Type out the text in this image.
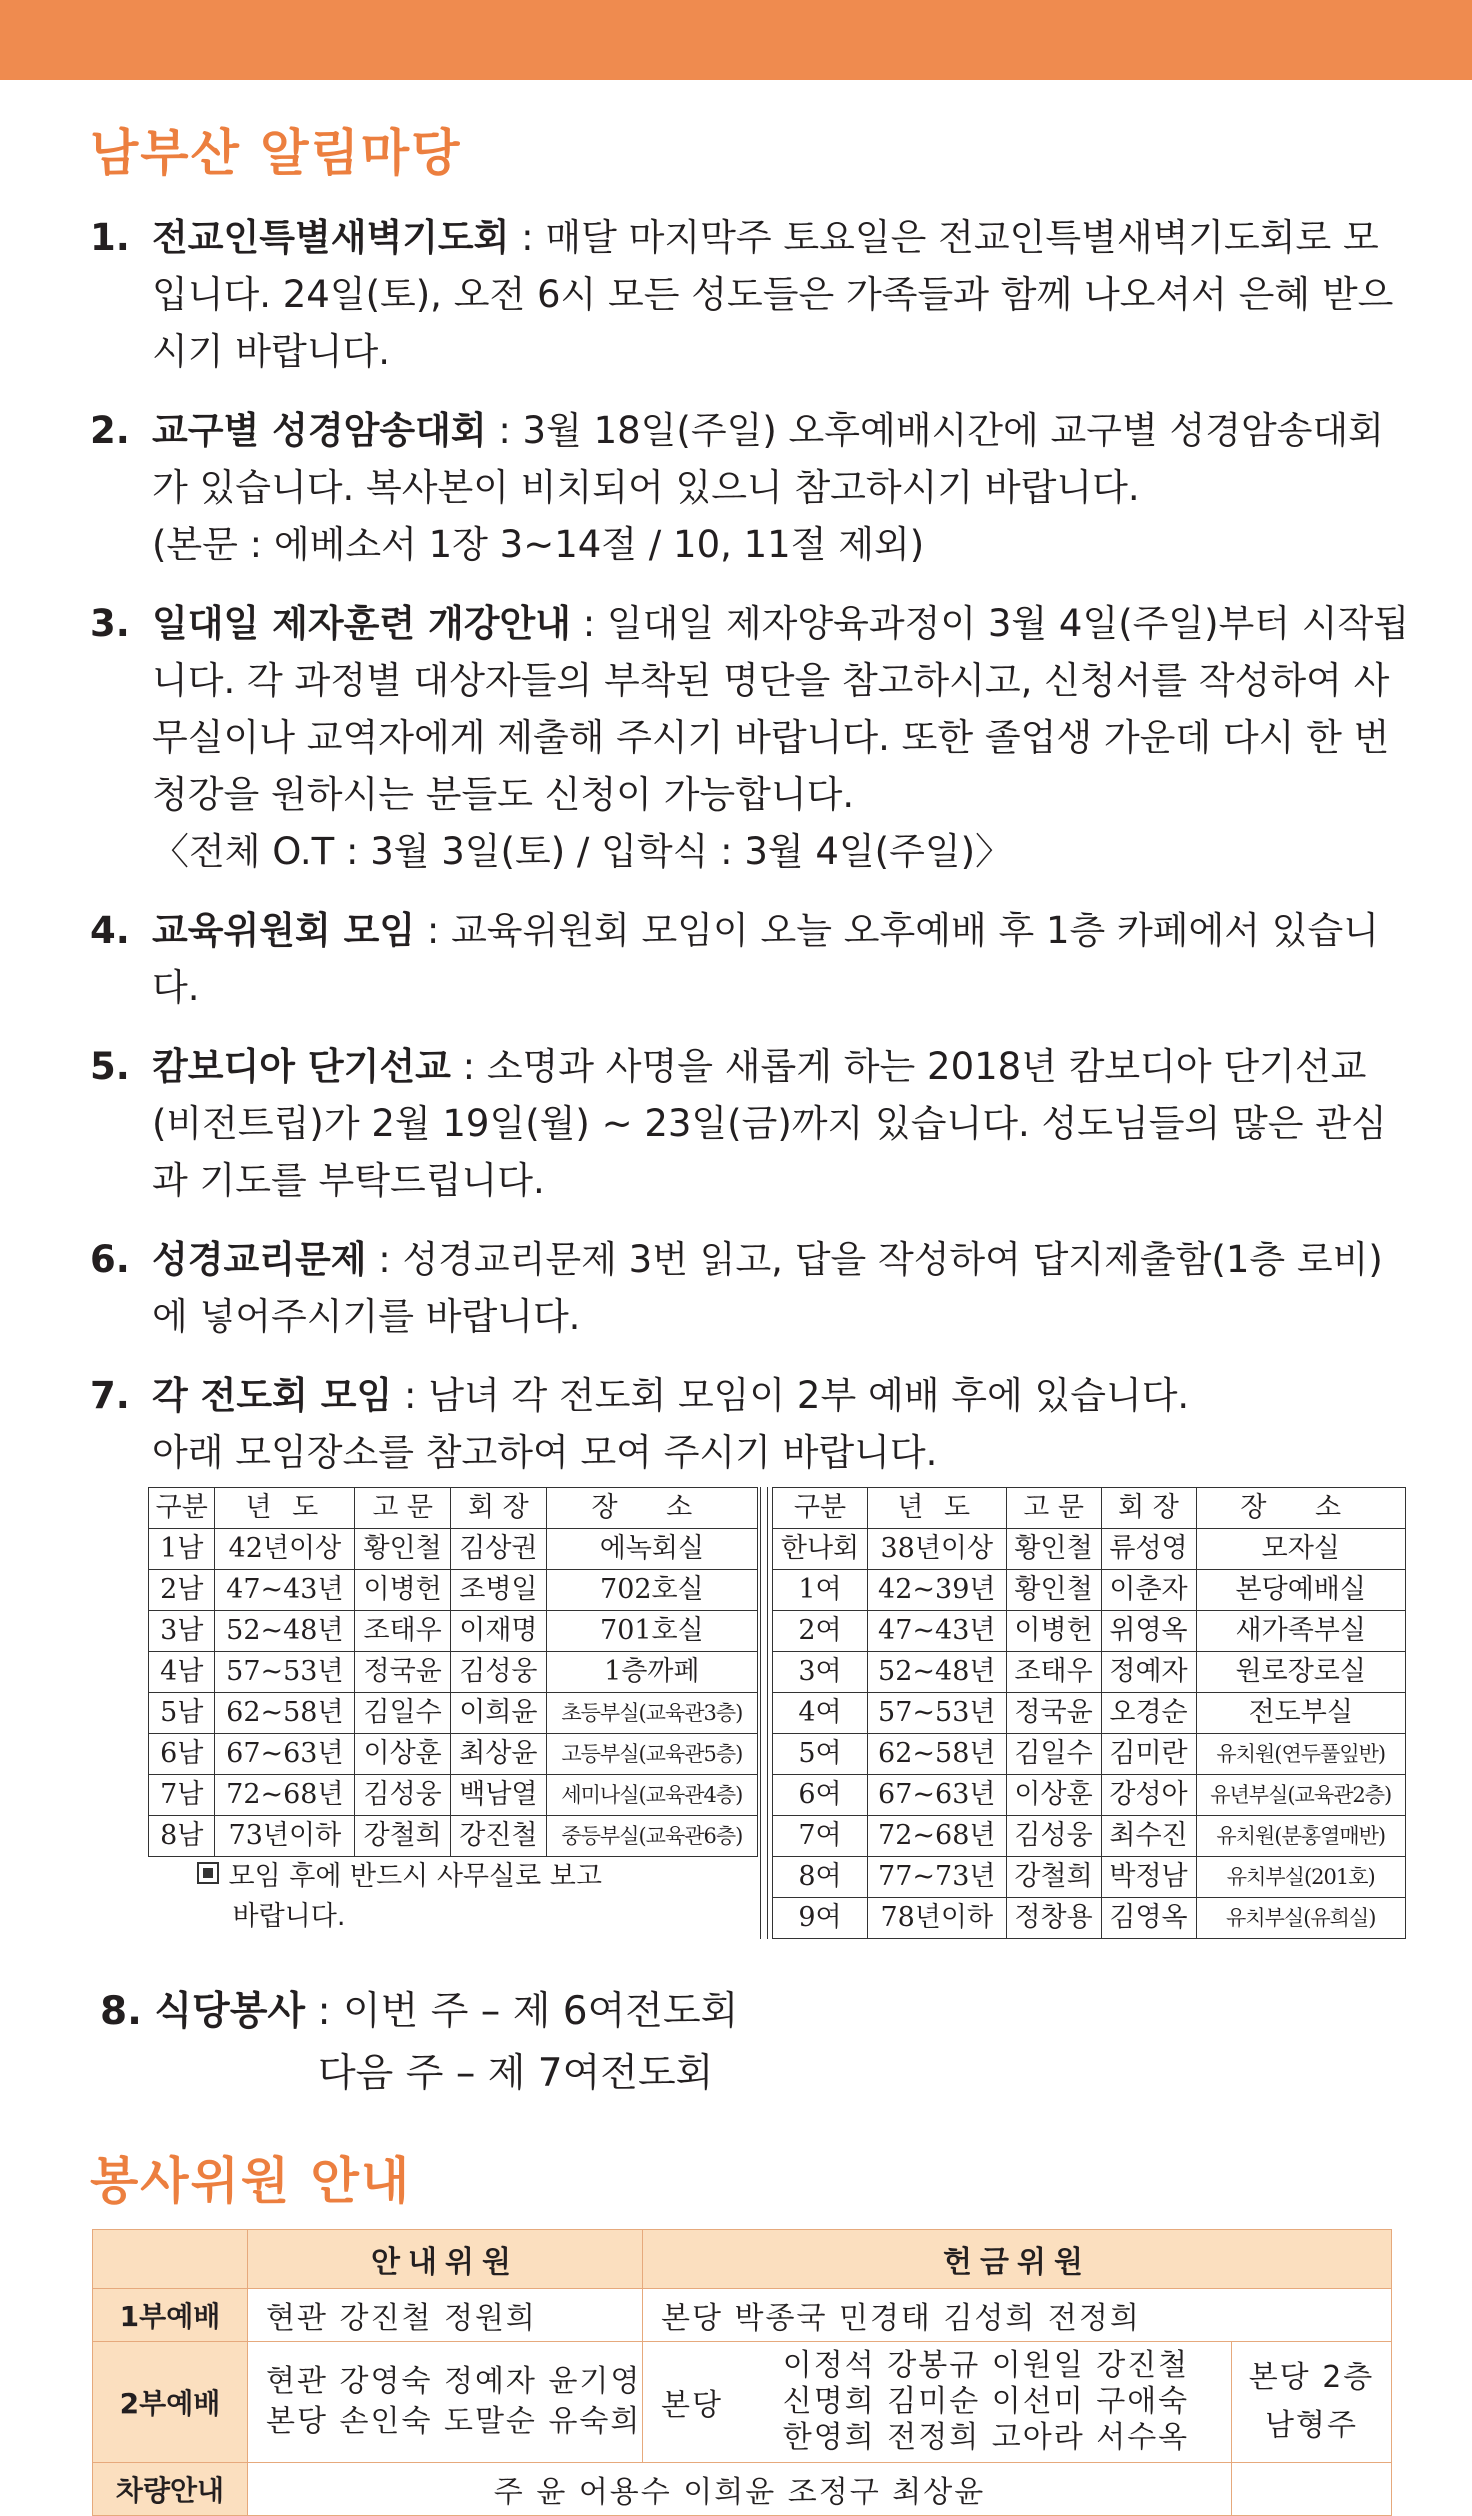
남부산 알림마당
1. 전교인특별새벽기도회 : 매달 마지막주 토요일은 전교인특별새벽기도회로 모입니다. 24일(토), 오전 6시 모든 성도들은 가족들과 함께 나오셔서 은혜 받으시기 바랍니다.
2. 교구별 성경암송대회 : 3월 18일(주일) 오후예배시간에 교구별 성경암송대회가 있습니다. 복사본이 비치되어 있으니 참고하시기 바랍니다.
(본문 : 에베소서 1장 3~14절 / 10, 11절 제외)
3. 일대일 제자훈련 개강안내 : 일대일 제자양육과정이 3월 4일(주일)부터 시작됩니다. 각 과정별 대상자들의 부착된 명단을 참고하시고, 신청서를 작성하여 사무실이나 교역자에게 제출해 주시기 바랍니다. 또한 졸업생 가운데 다시 한 번 청강을 원하시는 분들도 신청이 가능합니다.
〈전체 O.T : 3월 3일(토) / 입학식 : 3월 4일(주일)〉
4. 교육위원회 모임 : 교육위원회 모임이 오늘 오후예배 후 1층 카페에서 있습니다.
5. 캄보디아 단기선교 : 소명과 사명을 새롭게 하는 2018년 캄보디아 단기선교(비전트립)가 2월 19일(월) ~ 23일(금)까지 있습니다. 성도님들의 많은 관심과 기도를 부탁드립니다.
6. 성경교리문제 : 성경교리문제 3번 읽고, 답을 작성하여 답지제출함(1층 로비)에 넣어주시기를 바랍니다.
7. 각 전도회 모임 : 남녀 각 전도회 모임이 2부 예배 후에 있습니다.
아래 모임장소를 참고하여 모여 주시기 바랍니다.
구분	년 도	고 문	회 장	장 소
1남	42년이상	황인철	김상권	에녹회실
2남	47~43년	이병헌	조병일	702호실
3남	52~48년	조태우	이재명	701호실
4남	57~53년	정국윤	김성웅	1층까페
5남	62~58년	김일수	이희윤	초등부실(교육관3층)
6남	67~63년	이상훈	최상윤	고등부실(교육관5층)
7남	72~68년	김성웅	백남열	세미나실(교육관4층)
8남	73년이하	강철희	강진철	중등부실(교육관6층)
모임 후에 반드시 사무실로 보고
바랍니다.				
구분	년 도	고 문	회 장	장 소
한나회	38년이상	황인철	류성영	모자실
1여	42~39년	황인철	이춘자	본당예배실
2여	47~43년	이병헌	위영옥	새가족부실
3여	52~48년	조태우	정예자	원로장로실
4여	57~53년	정국윤	오경순	전도부실
5여	62~58년	김일수	김미란	유치원(연두풀잎반)
6여	67~63년	이상훈	강성아	유년부실(교육관2층)
7여	72~68년	김성웅	최수진	유치원(분홍열매반)
8여	77~73년	강철희	박정남	유치부실(201호)
9여	78년이하	정창용	김영옥	유치부실(유희실)
8. 식당봉사 : 이번 주 – 제 6여전도회
다음 주 – 제 7여전도회
봉사위원 안내
	안내위원	헌금위원	
1부예배	현관 강진철 정원희	본당 박종국 민경태 김성희 전정희	
2부예배	현관 강영숙 정예자 윤기영
본당 손인숙 도말순 유숙희	본당
이정석 강봉규 이원일 강진철
신명희 김미순 이선미 구애숙
한영희 전정희 고아라 서수옥	본당 2층
남형주

차량안내	주 윤 어용수 이희윤 조정구 최상윤		
